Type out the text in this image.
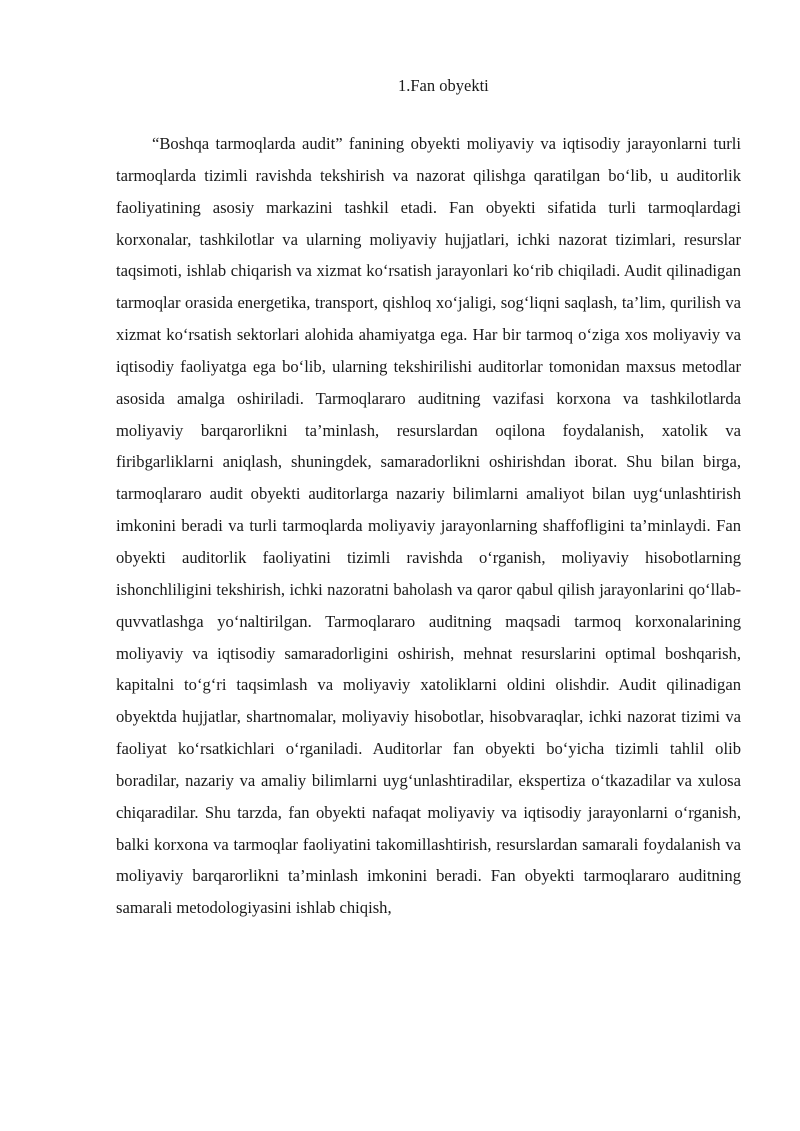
1.Fan obyekti

“Boshqa tarmoqlarda audit” fanining obyekti moliyaviy va iqtisodiy jarayonlarni turli tarmoqlarda tizimli ravishda tekshirish va nazorat qilishga qaratilgan bo‘lib, u auditorlik faoliyatining asosiy markazini tashkil etadi. Fan obyekti sifatida turli tarmoqlardagi korxonalar, tashkilotlar va ularning moliyaviy hujjatlari, ichki nazorat tizimlari, resurslar taqsimoti, ishlab chiqarish va xizmat ko‘rsatish jarayonlari ko‘rib chiqiladi. Audit qilinadigan tarmoqlar orasida energetika, transport, qishloq xo‘jaligi, sog‘liqni saqlash, ta’lim, qurilish va xizmat ko‘rsatish sektorlari alohida ahamiyatga ega. Har bir tarmoq o‘ziga xos moliyaviy va iqtisodiy faoliyatga ega bo‘lib, ularning tekshirilishi auditorlar tomonidan maxsus metodlar asosida amalga oshiriladi. Tarmoqlararo auditning vazifasi korxona va tashkilotlarda moliyaviy barqarorlikni ta’minlash, resurslardan oqilona foydalanish, xatolik va firibgarliklarni aniqlash, shuningdek, samaradorlikni oshirishdan iborat. Shu bilan birga, tarmoqlararo audit obyekti auditorlarga nazariy bilimlarni amaliyot bilan uyg‘unlashtirish imkonini beradi va turli tarmoqlarda moliyaviy jarayonlarning shaffofligini ta’minlaydi. Fan obyekti auditorlik faoliyatini tizimli ravishda o‘rganish, moliyaviy hisobotlarning ishonchliligini tekshirish, ichki nazoratni baholash va qaror qabul qilish jarayonlarini qo‘llab-quvvatlashga yo‘naltirilgan. Tarmoqlararo auditning maqsadi tarmoq korxonalarining moliyaviy va iqtisodiy samaradorligini oshirish, mehnat resurslarini optimal boshqarish, kapitalni to‘g‘ri taqsimlash va moliyaviy xatoliklarni oldini olishdir. Audit qilinadigan obyektda hujjatlar, shartnomalar, moliyaviy hisobotlar, hisobvaraqlar, ichki nazorat tizimi va faoliyat ko‘rsatkichlari o‘rganiladi. Auditorlar fan obyekti bo‘yicha tizimli tahlil olib boradilar, nazariy va amaliy bilimlarni uyg‘unlashtiradilar, ekspertiza o‘tkazadilar va xulosa chiqaradilar. Shu tarzda, fan obyekti nafaqat moliyaviy va iqtisodiy jarayonlarni o‘rganish, balki korxona va tarmoqlar faoliyatini takomillashtirish, resurslardan samarali foydalanish va moliyaviy barqarorlikni ta’minlash imkonini beradi. Fan obyekti tarmoqlararo auditning samarali metodologiyasini ishlab chiqish,
